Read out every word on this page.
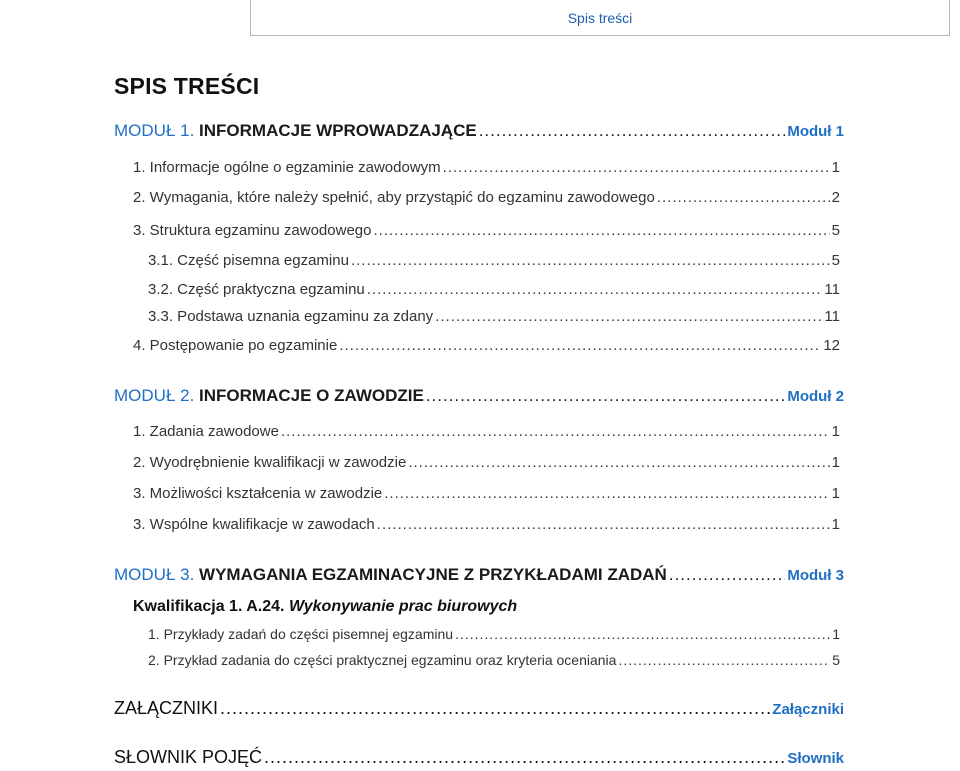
Spis treści
SPIS TREŚCI
MODUŁ 1. INFORMACJE WPROWADZAJĄCE .....	Moduł 1
1. Informacje ogólne o egzaminie zawodowym .....	1
2. Wymagania, które należy spełnić, aby przystąpić do egzaminu zawodowego .....	2
3. Struktura egzaminu zawodowego .....	5
3.1. Część pisemna egzaminu .....	5
3.2. Część praktyczna egzaminu .....	11
3.3. Podstawa uznania egzaminu za zdany .....	11
4. Postępowanie po egzaminie .....	12
MODUŁ 2. INFORMACJE O ZAWODZIE .....	Moduł 2
1. Zadania zawodowe .....	1
2. Wyodrębnienie kwalifikacji w zawodzie .....	1
3. Możliwości kształcenia w zawodzie .....	1
3. Wspólne kwalifikacje w zawodach .....	1
MODUŁ 3. WYMAGANIA EGZAMINACYJNE Z PRZYKŁADAMI ZADAŃ .....	Moduł 3
Kwalifikacja 1. A.24. Wykonywanie prac biurowych
1. Przykłady zadań do części pisemnej egzaminu .....	1
2. Przykład zadania do części praktycznej egzaminu oraz kryteria oceniania .....	5
ZAŁĄCZNIKI .....	Załączniki
SŁOWNIK POJĘĆ .....	Słownik
